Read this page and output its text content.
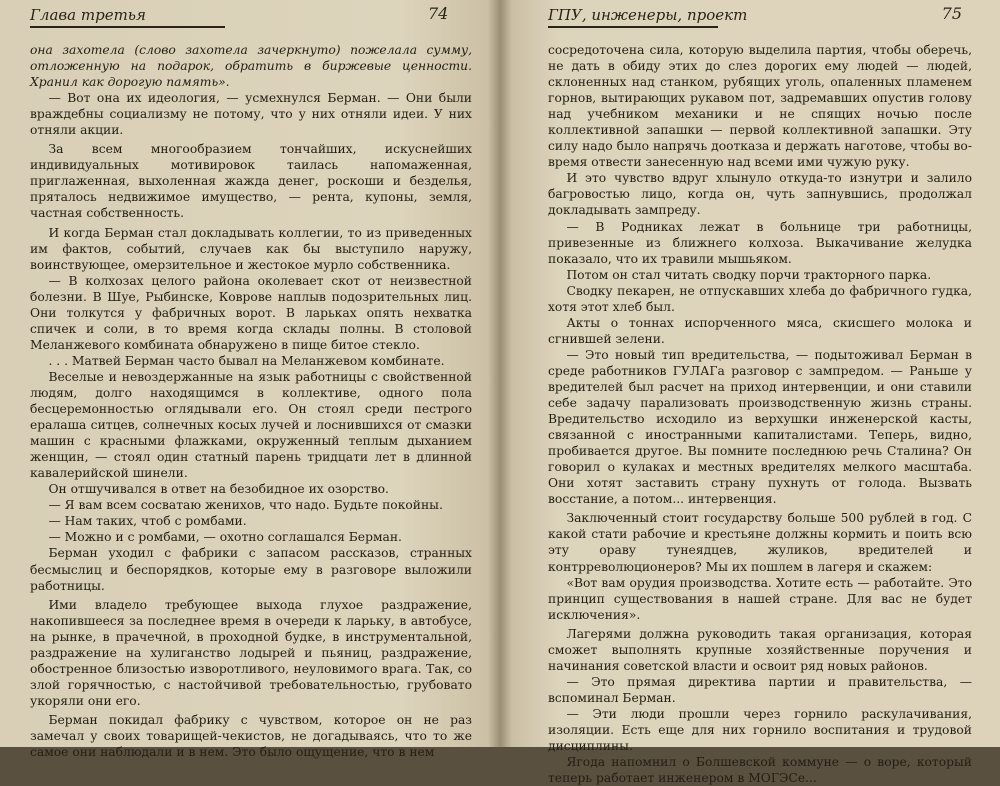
Глава третья	74

она захотела (слово захотела зачеркнуто) пожелала сумму, отложенную на подарок, обратить в биржевые ценности. Хранил как дорогую память».

— Вот она их идеология, — усмехнулся Берман. — Они были враждебны социализму не потому, что у них отняли идеи. У них отняли акции.

За всем многообразием тончайших, искуснейших индивидуальных мотивировок таилась напомаженная, приглаженная, выхоленная жажда денег, роскоши и безделья, пряталось недвижимое имущество, — рента, купоны, земля, частная собственность.

И когда Берман стал докладывать коллегии, то из приведенных им фактов, событий, случаев как бы выступило наружу, воинствующее, омерзительное и жестокое мурло собственника.

— В колхозах целого района околевает скот от неизвестной болезни. В Шуе, Рыбинске, Коврове наплыв подозрительных лиц. Они толкутся у фабричных ворот. В ларьках опять нехватка спичек и соли, в то время когда склады полны. В столовой Меланжевого комбината обнаружено в пище битое стекло.

. . . Матвей Берман часто бывал на Меланжевом комбинате.

Веселые и невоздержанные на язык работницы с свойственной людям, долго находящимся в коллективе, одного пола бесцеремонностью оглядывали его. Он стоял среди пестрого ералаша ситцев, солнечных косых лучей и лоснившихся от смазки машин с красными флажками, окруженный теплым дыханием женщин, — стоял один статный парень тридцати лет в длинной кавалерийской шинели.

Он отшучивался в ответ на безобидное их озорство.

— Я вам всем сосватаю женихов, что надо. Будьте покойны.

— Нам таких, чтоб с ромбами.

— Можно и с ромбами, — охотно соглашался Берман.

Берман уходил с фабрики с запасом рассказов, странных бесмыслиц и беспорядков, которые ему в разговоре выложили работницы.

Ими владело требующее выхода глухое раздражение, накопившееся за последнее время в очереди к ларьку, в автобусе, на рынке, в прачечной, в проходной будке, в инструментальной, раздражение на хулиганство лодырей и пьяниц, раздражение, обостренное близостью изворотливого, неуловимого врага. Так, со злой горячностью, с настойчивой требовательностью, грубовато укоряли они его.

Берман покидал фабрику с чувством, которое он не раз замечал у своих товарищей-чекистов, не догадываясь, что то же самое они наблюдали и в нем. Это было ощущение, что в нем

ГПУ, инженеры, проект	75

сосредоточена сила, которую выделила партия, чтобы оберечь, не дать в обиду этих до слез дорогих ему людей — людей, склоненных над станком, рубящих уголь, опаленных пламенем горнов, вытирающих рукавом пот, задремавших опустив голову над учебником механики и не спящих ночью после коллективной запашки — первой коллективной запашки. Эту силу надо было напрячь доотказа и держать наготове, чтобы во-время отвести занесенную над всеми ими чужую руку.

И это чувство вдруг хлынуло откуда-то изнутри и залило багровостью лицо, когда он, чуть запнувшись, продолжал докладывать зампреду.

— В Родниках лежат в больнице три работницы, привезенные из ближнего колхоза. Выкачивание желудка показало, что их травили мышьяком.

Потом он стал читать сводку порчи тракторного парка.

Сводку пекарен, не отпускавших хлеба до фабричного гудка, хотя этот хлеб был.

Акты о тоннах испорченного мяса, скисшего молока и сгнившей зелени.

— Это новый тип вредительства, — подытоживал Берман в среде работников ГУЛАГа разговор с зампредом. — Раньше у вредителей был расчет на приход интервенции, и они ставили себе задачу парализовать производственную жизнь страны. Вредительство исходило из верхушки инженерской касты, связанной с иностранными капиталистами. Теперь, видно, пробивается другое. Вы помните последнюю речь Сталина? Он говорил о кулаках и местных вредителях мелкого масштаба. Они хотят заставить страну пухнуть от голода. Вызвать восстание, а потом... интервенция.

Заключенный стоит государству больше 500 рублей в год. С какой стати рабочие и крестьяне должны кормить и поить всю эту ораву тунеядцев, жуликов, вредителей и контрреволюционеров? Мы их пошлем в лагеря и скажем:

«Вот вам орудия производства. Хотите есть — работайте. Это принцип существования в нашей стране. Для вас не будет исключения».

Лагерями должна руководить такая организация, которая сможет выполнять крупные хозяйственные поручения и начинания советской власти и освоит ряд новых районов.

— Это прямая директива партии и правительства, — вспоминал Берман.

— Эти люди прошли через горнило раскулачивания, изоляции. Есть еще для них горнило воспитания и трудовой дисциплины.

Ягода напомнил о Болшевской коммуне — о воре, который теперь работает инженером в МОГЭСе...
